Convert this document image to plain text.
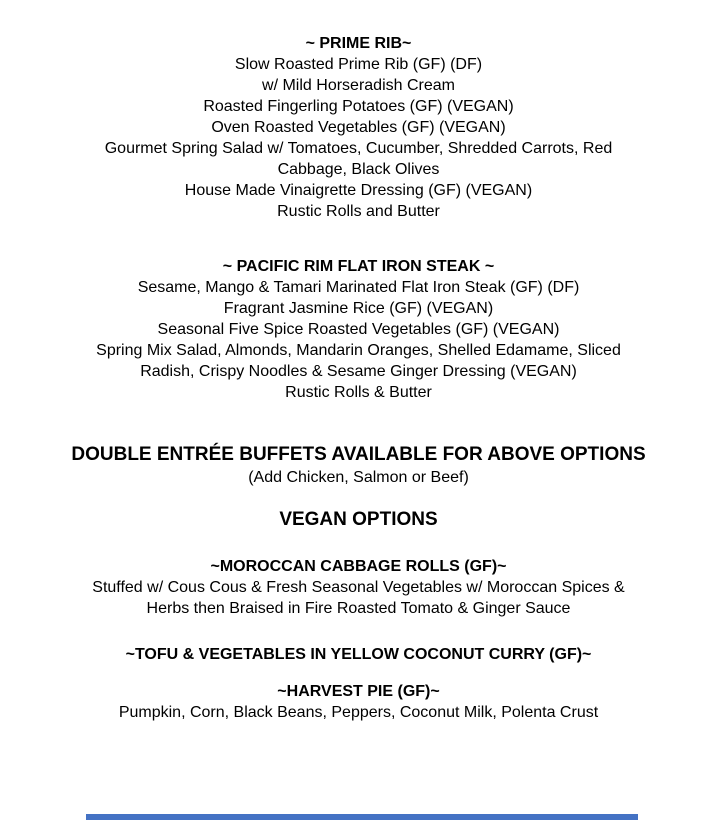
~ PRIME RIB~
Slow Roasted Prime Rib (GF) (DF)
w/ Mild Horseradish Cream
Roasted Fingerling Potatoes (GF) (VEGAN)
Oven Roasted Vegetables (GF) (VEGAN)
Gourmet Spring Salad w/ Tomatoes, Cucumber, Shredded Carrots, Red
Cabbage, Black Olives
House Made Vinaigrette Dressing (GF) (VEGAN)
Rustic Rolls and Butter
~ PACIFIC RIM FLAT IRON STEAK ~
Sesame, Mango & Tamari Marinated Flat Iron Steak (GF) (DF)
Fragrant Jasmine Rice (GF) (VEGAN)
Seasonal Five Spice Roasted Vegetables (GF) (VEGAN)
Spring Mix Salad, Almonds, Mandarin Oranges, Shelled Edamame, Sliced
Radish, Crispy Noodles & Sesame Ginger Dressing (VEGAN)
Rustic Rolls & Butter
DOUBLE ENTRÉE BUFFETS AVAILABLE FOR ABOVE OPTIONS
(Add Chicken, Salmon or Beef)
VEGAN OPTIONS
~MOROCCAN CABBAGE ROLLS (GF)~
Stuffed w/ Cous Cous & Fresh Seasonal Vegetables w/ Moroccan Spices &
Herbs then Braised in Fire Roasted Tomato & Ginger Sauce
~TOFU & VEGETABLES IN YELLOW COCONUT CURRY (GF)~
~HARVEST PIE (GF)~
Pumpkin, Corn, Black Beans, Peppers, Coconut Milk, Polenta Crust
